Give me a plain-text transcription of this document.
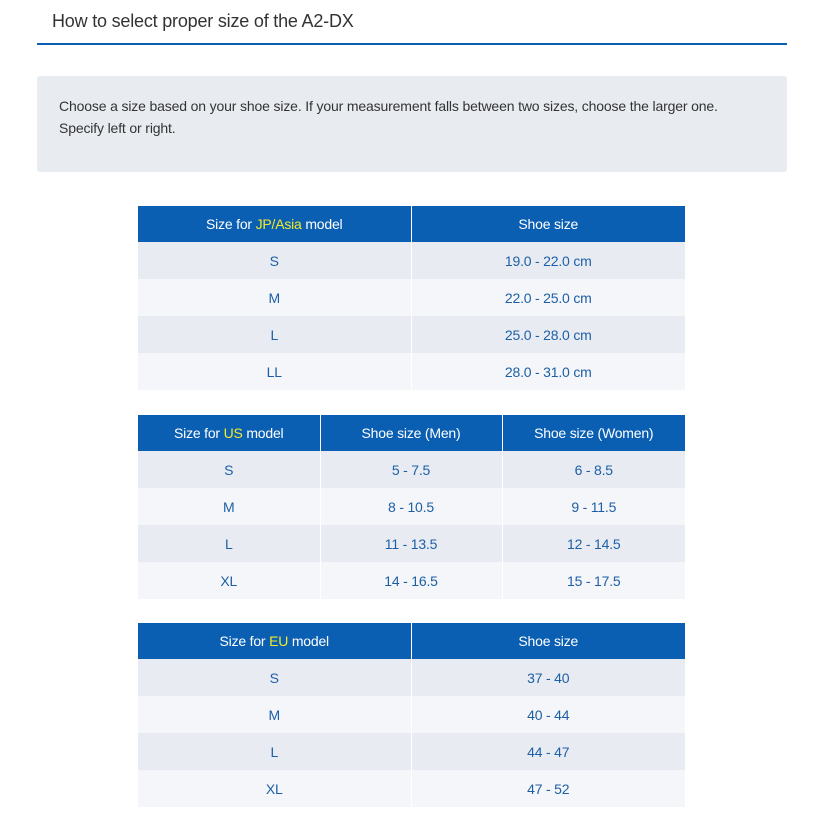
How to select proper size of the A2-DX

Choose a size based on your shoe size. If your measurement falls between two sizes, choose the larger one. Specify left or right.

Size for JP/Asia model	Shoe size
S	19.0 - 22.0 cm
M	22.0 - 25.0 cm
L	25.0 - 28.0 cm
LL	28.0 - 31.0 cm
Size for US model	Shoe size (Men)	Shoe size (Women)
S	5 - 7.5	6 - 8.5
M	8 - 10.5	9 - 11.5
L	11 - 13.5	12 - 14.5
XL	14 - 16.5	15 - 17.5
Size for EU model	Shoe size
S	37 - 40
M	40 - 44
L	44 - 47
XL	47 - 52
